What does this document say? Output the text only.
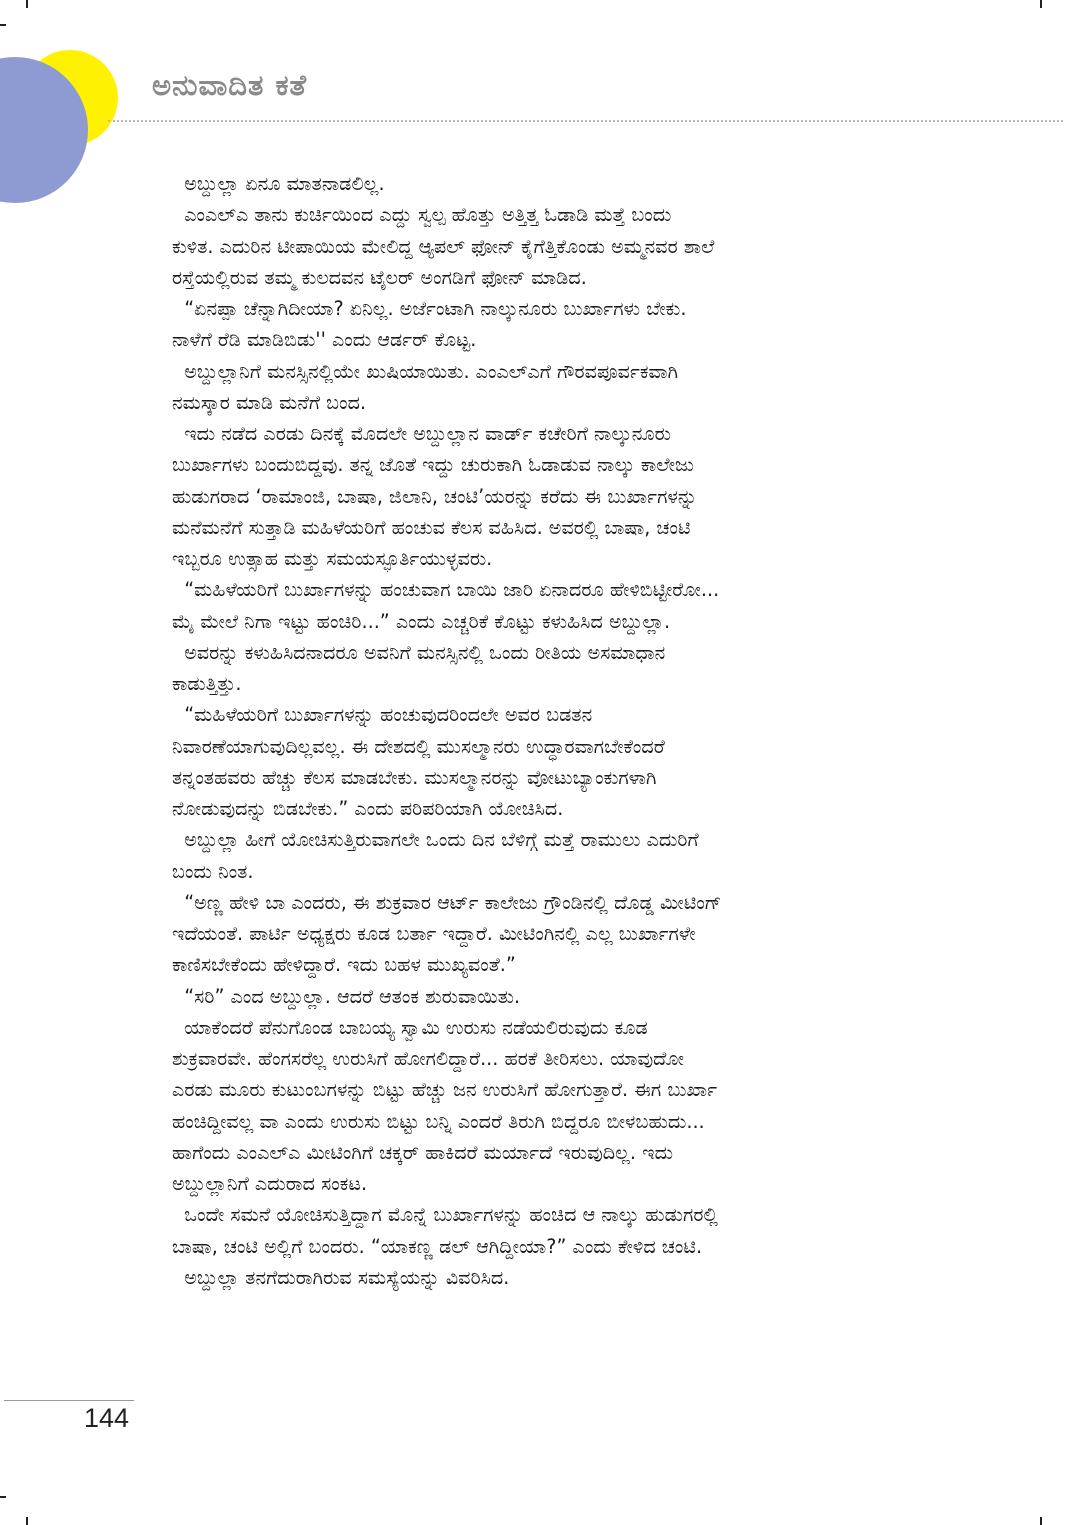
ಅನುವಾದಿತ ಕತೆ
ಅಬ್ದುಲ್ಲಾ ಏನೂ ಮಾತನಾಡಲಿಲ್ಲ.
ಎಂಎಲ್ಎ ತಾನು ಕುರ್ಚಿಯಿಂದ ಎದ್ದು ಸ್ವಲ್ಪ ಹೊತ್ತು ಅತ್ತಿತ್ತ ಓಡಾಡಿ ಮತ್ತೆ ಬಂದು
ಕುಳಿತ. ಎದುರಿನ ಟೀಪಾಯಿಯ ಮೇಲಿದ್ದ ಆ್ಯಪಲ್ ಫೋನ್ ಕೈಗೆತ್ತಿಕೊಂಡು ಅಮ್ಮನವರ ಶಾಲೆ
ರಸ್ತೆಯಲ್ಲಿರುವ ತಮ್ಮ ಕುಲದವನ ಟೈಲರ್ ಅಂಗಡಿಗೆ ಫೋನ್ ಮಾಡಿದ.
“ಏನಪ್ಪಾ ಚೆನ್ನಾಗಿದೀಯಾ? ಏನಿಲ್ಲ. ಅರ್ಜೆಂಟಾಗಿ ನಾಲ್ಕುನೂರು ಬುರ್ಖಾಗಳು ಬೇಕು.
ನಾಳೆಗೆ ರೆಡಿ ಮಾಡಿಬಿಡು'' ಎಂದು ಆರ್ಡರ್ ಕೊಟ್ಟ.
ಅಬ್ದುಲ್ಲಾನಿಗೆ ಮನಸ್ಸಿನಲ್ಲಿಯೇ ಖುಷಿಯಾಯಿತು. ಎಂಎಲ್ಎಗೆ ಗೌರವಪೂರ್ವಕವಾಗಿ
ನಮಸ್ಕಾರ ಮಾಡಿ ಮನೆಗೆ ಬಂದ.
ಇದು ನಡೆದ ಎರಡು ದಿನಕ್ಕೆ ಮೊದಲೇ ಅಬ್ದುಲ್ಲಾನ ವಾರ್ಡ್ ಕಚೇರಿಗೆ ನಾಲ್ಕುನೂರು
ಬುರ್ಖಾಗಳು ಬಂದುಬಿದ್ದವು. ತನ್ನ ಜೊತೆ ಇದ್ದು ಚುರುಕಾಗಿ ಓಡಾಡುವ ನಾಲ್ಕು ಕಾಲೇಜು
ಹುಡುಗರಾದ ‘ರಾಮಾಂಜಿ, ಬಾಷಾ, ಜಿಲಾನಿ, ಚಂಟಿ’ಯರನ್ನು ಕರೆದು ಈ ಬುರ್ಖಾಗಳನ್ನು
ಮನೆಮನೆಗೆ ಸುತ್ತಾಡಿ ಮಹಿಳೆಯರಿಗೆ ಹಂಚುವ ಕೆಲಸ ವಹಿಸಿದ. ಅವರಲ್ಲಿ ಬಾಷಾ, ಚಂಟಿ
ಇಬ್ಬರೂ ಉತ್ಸಾಹ ಮತ್ತು ಸಮಯಸ್ಫೂರ್ತಿಯುಳ್ಳವರು.
“ಮಹಿಳೆಯರಿಗೆ ಬುರ್ಖಾಗಳನ್ನು ಹಂಚುವಾಗ ಬಾಯಿ ಜಾರಿ ಏನಾದರೂ ಹೇಳಿಬಿಟ್ಟೀರೋ...
ಮೈ ಮೇಲೆ ನಿಗಾ ಇಟ್ಟು ಹಂಚಿರಿ...” ಎಂದು ಎಚ್ಚರಿಕೆ ಕೊಟ್ಟು ಕಳುಹಿಸಿದ ಅಬ್ದುಲ್ಲಾ.
ಅವರನ್ನು ಕಳುಹಿಸಿದನಾದರೂ ಅವನಿಗೆ ಮನಸ್ಸಿನಲ್ಲಿ ಒಂದು ರೀತಿಯ ಅಸಮಾಧಾನ
ಕಾಡುತ್ತಿತ್ತು.
“ಮಹಿಳೆಯರಿಗೆ ಬುರ್ಖಾಗಳನ್ನು ಹಂಚುವುದರಿಂದಲೇ ಅವರ ಬಡತನ
ನಿವಾರಣೆಯಾಗುವುದಿಲ್ಲವಲ್ಲ. ಈ ದೇಶದಲ್ಲಿ ಮುಸಲ್ಮಾನರು ಉದ್ಧಾರವಾಗಬೇಕೆಂದರೆ
ತನ್ನಂತಹವರು ಹೆಚ್ಚು ಕೆಲಸ ಮಾಡಬೇಕು. ಮುಸಲ್ಮಾನರನ್ನು ವೋಟುಬ್ಯಾಂಕುಗಳಾಗಿ
ನೋಡುವುದನ್ನು ಬಿಡಬೇಕು.” ಎಂದು ಪರಿಪರಿಯಾಗಿ ಯೋಚಿಸಿದ.
ಅಬ್ದುಲ್ಲಾ ಹೀಗೆ ಯೋಚಿಸುತ್ತಿರುವಾಗಲೇ ಒಂದು ದಿನ ಬೆಳಿಗ್ಗೆ ಮತ್ತೆ ರಾಮುಲು ಎದುರಿಗೆ
ಬಂದು ನಿಂತ.
“ಅಣ್ಣ ಹೇಳಿ ಬಾ ಎಂದರು, ಈ ಶುಕ್ರವಾರ ಆರ್ಟ್ ಕಾಲೇಜು ಗ್ರೌಂಡಿನಲ್ಲಿ ದೊಡ್ಡ ಮೀಟಿಂಗ್
ಇದೆಯಂತೆ. ಪಾರ್ಟಿ ಅಧ್ಯಕ್ಷರು ಕೂಡ ಬರ್ತಾ ಇದ್ದಾರೆ. ಮೀಟಿಂಗಿನಲ್ಲಿ ಎಲ್ಲ ಬುರ್ಖಾಗಳೇ
ಕಾಣಿಸಬೇಕೆಂದು ಹೇಳಿದ್ದಾರೆ. ಇದು ಬಹಳ ಮುಖ್ಯವಂತೆ.”
“ಸರಿ” ಎಂದ ಅಬ್ದುಲ್ಲಾ. ಆದರೆ ಆತಂಕ ಶುರುವಾಯಿತು.
ಯಾಕೆಂದರೆ ಪೆನುಗೊಂಡ ಬಾಬಯ್ಯ ಸ್ವಾಮಿ ಉರುಸು ನಡೆಯಲಿರುವುದು ಕೂಡ
ಶುಕ್ರವಾರವೇ. ಹೆಂಗಸರೆಲ್ಲ ಉರುಸಿಗೆ ಹೋಗಲಿದ್ದಾರೆ... ಹರಕೆ ತೀರಿಸಲು. ಯಾವುದೋ
ಎರಡು ಮೂರು ಕುಟುಂಬಗಳನ್ನು ಬಿಟ್ಟು ಹೆಚ್ಚು ಜನ ಉರುಸಿಗೆ ಹೋಗುತ್ತಾರೆ. ಈಗ ಬುರ್ಖಾ
ಹಂಚಿದ್ದೀವಲ್ಲ ವಾ ಎಂದು ಉರುಸು ಬಿಟ್ಟು ಬನ್ನಿ ಎಂದರೆ ತಿರುಗಿ ಬಿದ್ದರೂ ಬೀಳಬಹುದು...
ಹಾಗೆಂದು ಎಂಎಲ್ಎ ಮೀಟಿಂಗಿಗೆ ಚಕ್ಕರ್ ಹಾಕಿದರೆ ಮರ್ಯಾದೆ ಇರುವುದಿಲ್ಲ. ಇದು
ಅಬ್ದುಲ್ಲಾನಿಗೆ ಎದುರಾದ ಸಂಕಟ.
ಒಂದೇ ಸಮನೆ ಯೋಚಿಸುತ್ತಿದ್ದಾಗ ಮೊನ್ನೆ ಬುರ್ಖಾಗಳನ್ನು ಹಂಚಿದ ಆ ನಾಲ್ಕು ಹುಡುಗರಲ್ಲಿ
ಬಾಷಾ, ಚಂಟಿ ಅಲ್ಲಿಗೆ ಬಂದರು. “ಯಾಕಣ್ಣ ಡಲ್ ಆಗಿದ್ದೀಯಾ?” ಎಂದು ಕೇಳಿದ ಚಂಟಿ.
ಅಬ್ದುಲ್ಲಾ ತನಗೆದುರಾಗಿರುವ ಸಮಸ್ಯೆಯನ್ನು ವಿವರಿಸಿದ.
144
